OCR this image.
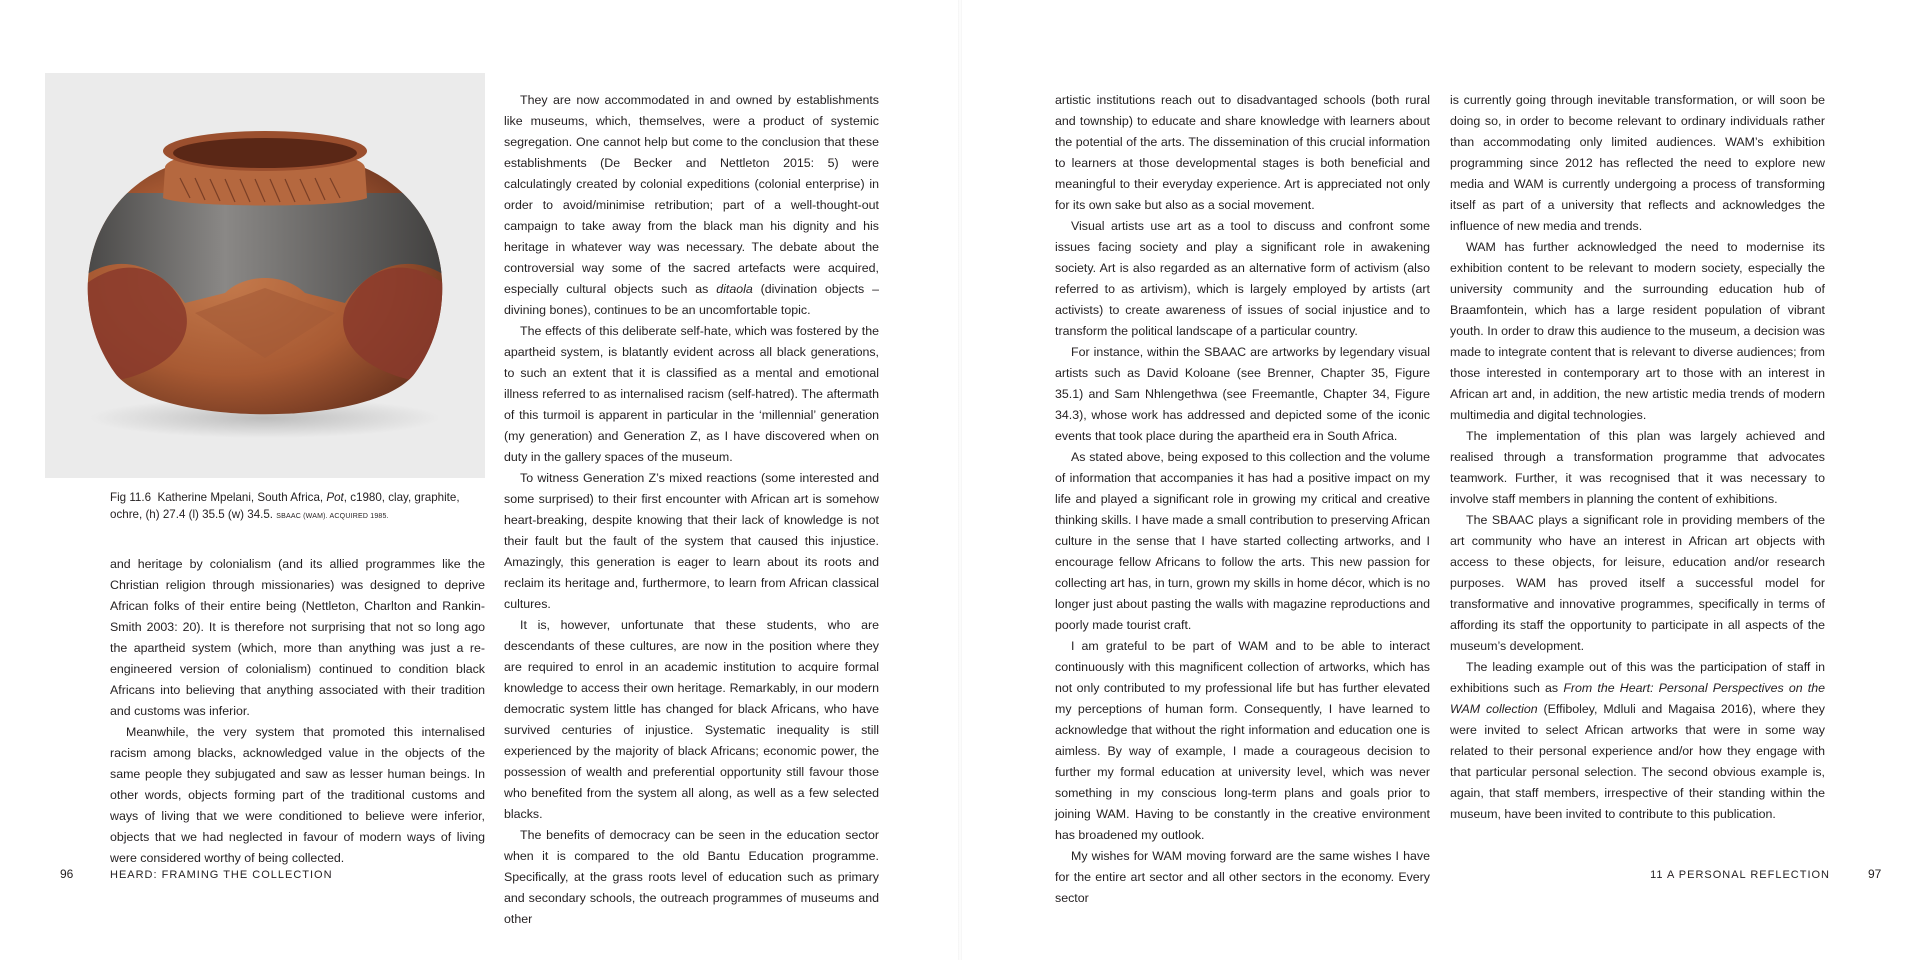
Fig 11.6 Katherine Mpelani, South Africa, Pot, c1980, clay, graphite, ochre, (h) 27.4 (l) 35.5 (w) 34.5. SBAAC (WAM). ACQUIRED 1985.

and heritage by colonialism (and its allied programmes like the Christian religion through missionaries) was designed to deprive African folks of their entire being (Nettleton, Charlton and Rankin-Smith 2003: 20). It is therefore not surprising that not so long ago the apartheid system (which, more than anything was just a re-engineered version of colonialism) continued to condition black Africans into believing that anything associated with their tradition and customs was inferior.

Meanwhile, the very system that promoted this internalised racism among blacks, acknowledged value in the objects of the same people they subjugated and saw as lesser human beings. In other words, objects forming part of the traditional customs and ways of living that we were conditioned to believe were inferior, objects that we had neglected in favour of modern ways of living were considered worthy of being collected.

They are now accommodated in and owned by establishments like museums, which, themselves, were a product of systemic segregation. One cannot help but come to the conclusion that these establishments (De Becker and Nettleton 2015: 5) were calculatingly created by colonial expeditions (colonial enterprise) in order to avoid/minimise retribution; part of a well-thought-out campaign to take away from the black man his dignity and his heritage in whatever way was necessary. The debate about the controversial way some of the sacred artefacts were acquired, especially cultural objects such as ditaola (divination objects – divining bones), continues to be an uncomfortable topic.

The effects of this deliberate self-hate, which was fostered by the apartheid system, is blatantly evident across all black generations, to such an extent that it is classified as a mental and emotional illness referred to as internalised racism (self-hatred). The aftermath of this turmoil is apparent in particular in the ‘millennial’ generation (my generation) and Generation Z, as I have discovered when on duty in the gallery spaces of the museum.

To witness Generation Z’s mixed reactions (some interested and some surprised) to their first encounter with African art is somehow heart-breaking, despite knowing that their lack of knowledge is not their fault but the fault of the system that caused this injustice. Amazingly, this generation is eager to learn about its roots and reclaim its heritage and, furthermore, to learn from African classical cultures.

It is, however, unfortunate that these students, who are descendants of these cultures, are now in the position where they are required to enrol in an academic institution to acquire formal knowledge to access their own heritage. Remarkably, in our modern democratic system little has changed for black Africans, who have survived centuries of injustice. Systematic inequality is still experienced by the majority of black Africans; economic power, the possession of wealth and preferential opportunity still favour those who benefited from the system all along, as well as a few selected blacks.

The benefits of democracy can be seen in the education sector when it is compared to the old Bantu Education programme. Specifically, at the grass roots level of education such as primary and secondary schools, the outreach programmes of museums and other

96	HEARD: FRAMING THE COLLECTION

artistic institutions reach out to disadvantaged schools (both rural and township) to educate and share knowledge with learners about the potential of the arts. The dissemination of this crucial information to learners at those developmental stages is both beneficial and meaningful to their everyday experience. Art is appreciated not only for its own sake but also as a social movement.

Visual artists use art as a tool to discuss and confront some issues facing society and play a significant role in awakening society. Art is also regarded as an alternative form of activism (also referred to as artivism), which is largely employed by artists (art activists) to create awareness of issues of social injustice and to transform the political landscape of a particular country.

For instance, within the SBAAC are artworks by legendary visual artists such as David Koloane (see Brenner, Chapter 35, Figure 35.1) and Sam Nhlengethwa (see Freemantle, Chapter 34, Figure 34.3), whose work has addressed and depicted some of the iconic events that took place during the apartheid era in South Africa.

As stated above, being exposed to this collection and the volume of information that accompanies it has had a positive impact on my life and played a significant role in growing my critical and creative thinking skills. I have made a small contribution to preserving African culture in the sense that I have started collecting artworks, and I encourage fellow Africans to follow the arts. This new passion for collecting art has, in turn, grown my skills in home décor, which is no longer just about pasting the walls with magazine reproductions and poorly made tourist craft.

I am grateful to be part of WAM and to be able to interact continuously with this magnificent collection of artworks, which has not only contributed to my professional life but has further elevated my perceptions of human form. Consequently, I have learned to acknowledge that without the right information and education one is aimless. By way of example, I made a courageous decision to further my formal education at university level, which was never something in my conscious long-term plans and goals prior to joining WAM. Having to be constantly in the creative environment has broadened my outlook.

My wishes for WAM moving forward are the same wishes I have for the entire art sector and all other sectors in the economy. Every sector

is currently going through inevitable transformation, or will soon be doing so, in order to become relevant to ordinary individuals rather than accommodating only limited audiences. WAM’s exhibition programming since 2012 has reflected the need to explore new media and WAM is currently undergoing a process of transforming itself as part of a university that reflects and acknowledges the influence of new media and trends.

WAM has further acknowledged the need to modernise its exhibition content to be relevant to modern society, especially the university community and the surrounding education hub of Braamfontein, which has a large resident population of vibrant youth. In order to draw this audience to the museum, a decision was made to integrate content that is relevant to diverse audiences; from those interested in contemporary art to those with an interest in African art and, in addition, the new artistic media trends of modern multimedia and digital technologies.

The implementation of this plan was largely achieved and realised through a transformation programme that advocates teamwork. Further, it was recognised that it was necessary to involve staff members in planning the content of exhibitions.

The SBAAC plays a significant role in providing members of the art community who have an interest in African art objects with access to these objects, for leisure, education and/or research purposes. WAM has proved itself a successful model for transformative and innovative programmes, specifically in terms of affording its staff the opportunity to participate in all aspects of the museum’s development.

The leading example out of this was the participation of staff in exhibitions such as From the Heart: Personal Perspectives on the WAM collection (Effiboley, Mdluli and Magaisa 2016), where they were invited to select African artworks that were in some way related to their personal experience and/or how they engage with that particular personal selection. The second obvious example is, again, that staff members, irrespective of their standing within the museum, have been invited to contribute to this publication.

11 A PERSONAL REFLECTION	97
